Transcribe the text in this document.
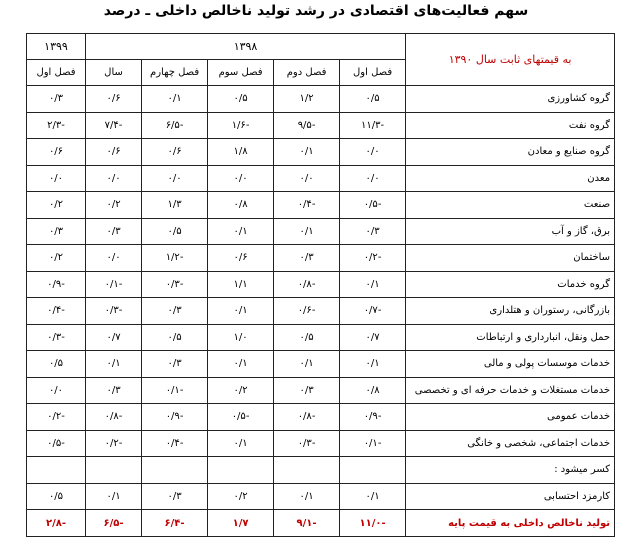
سهم فعالیت‌های اقتصادی در رشد تولید ناخالص داخلی ـ درصد
به قیمتهای ثابت سال ۱۳۹۰	۱۳۹۸					۱۳۹۹
	فصل اول	فصل دوم	فصل سوم	فصل چهارم	سال	فصل اول
گروه کشاورزی	۰/۵	۱/۲	۰/۵	۰/۱	۰/۶	۰/۳
گروه نفت	-۱۱/۳	-۹/۵	-۱/۶	-۶/۵	-۷/۴	-۲/۳
گروه صنایع و معادن	۰/۰	۰/۱	۱/۸	۰/۶	۰/۶	۰/۶
معدن	۰/۰	۰/۰	۰/۰	۰/۰	۰/۰	۰/۰
صنعت	-۰/۵	-۰/۴	۰/۸	۱/۳	۰/۲	۰/۲
برق، گاز و آب	۰/۳	۰/۱	۰/۱	۰/۵	۰/۳	۰/۳
ساختمان	-۰/۲	۰/۳	۰/۶	-۱/۲	۰/۰	۰/۲
گروه خدمات	۰/۱	-۰/۸	۱/۱	-۰/۳	-۰/۱	-۰/۹
بازرگانی، رستوران و هتلداری	-۰/۷	-۰/۶	۰/۱	۰/۳	-۰/۳	-۰/۴
حمل ونقل، انبارداری و ارتباطات	۰/۷	۰/۵	۱/۰	۰/۵	۰/۷	-۰/۳
خدمات موسسات پولی و مالی	۰/۱	۰/۱	۰/۱	۰/۳	۰/۱	۰/۵
خدمات مستغلات و خدمات حرفه ای و تخصصی	۰/۸	۰/۳	۰/۲	-۰/۱	۰/۳	۰/۰
خدمات عمومی	-۰/۹	-۰/۸	-۰/۵	-۰/۹	-۰/۸	-۰/۲
خدمات اجتماعی، شخصی و خانگی	-۰/۱	-۰/۳	۰/۱	-۰/۴	-۰/۲	-۰/۵
کسر میشود :						
کارمزد احتسابی	۰/۱	۰/۱	۰/۲	۰/۳	۰/۱	۰/۵
تولید ناخالص داخلی به قیمت پایه	-۱۱/۰	-۹/۱	۱/۷	-۶/۴	-۶/۵	-۲/۸
